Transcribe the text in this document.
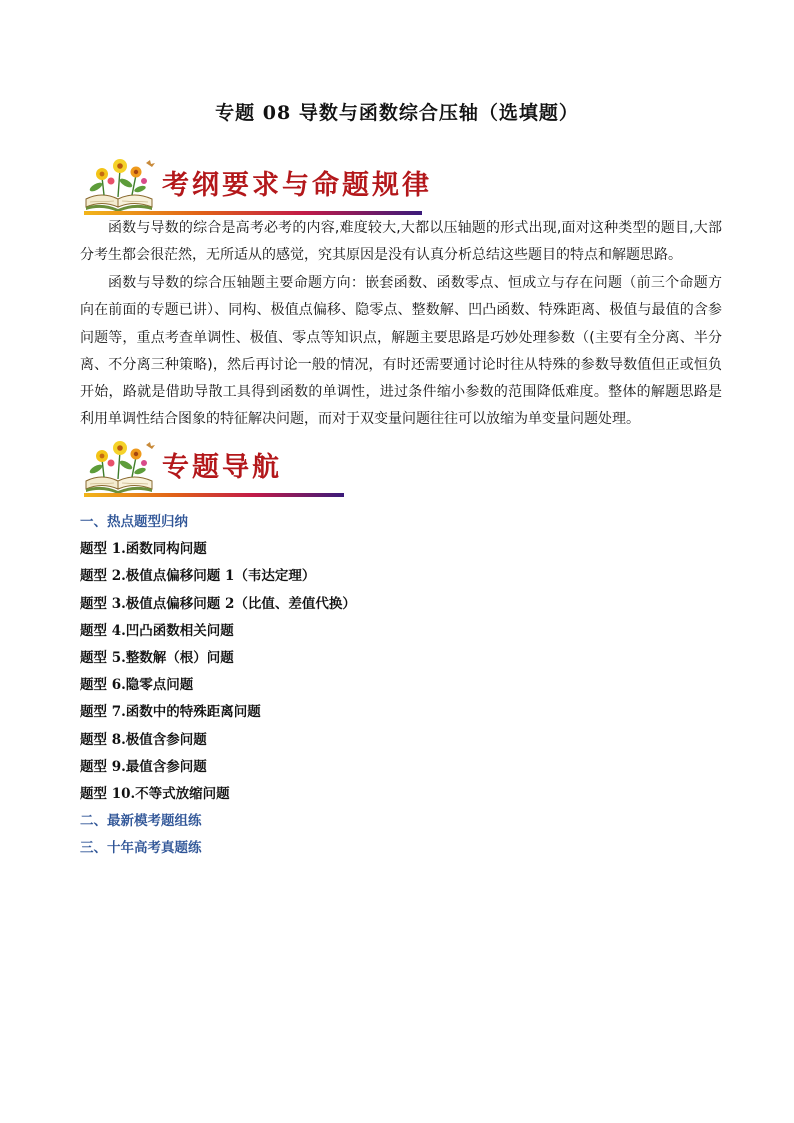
专题 08 导数与函数综合压轴（选填题）
考纲要求与命题规律

函数与导数的综合是高考必考的内容,难度较大,大都以压轴题的形式出现,面对这种类型的题目,大部分考生都会很茫然，无所适从的感觉，究其原因是没有认真分析总结这些题目的特点和解题思路。

函数与导数的综合压轴题主要命题方向：嵌套函数、函数零点、恒成立与存在问题（前三个命题方向在前面的专题已讲）、同构、极值点偏移、隐零点、整数解、凹凸函数、特殊距离、极值与最值的含参问题等，重点考查单调性、极值、零点等知识点，解题主要思路是巧妙处理参数（(主要有全分离、半分离、不分离三种策略)，然后再讨论一般的情况，有时还需要通讨论时往从特殊的参数导数值但正或恒负开始，路就是借助导散工具得到函数的单调性，进过条件缩小参数的范围降低难度。整体的解题思路是利用单调性结合图象的特征解决问题，而对于双变量问题往往可以放缩为单变量问题处理。

专题导航
一、热点题型归纳
题型 1.函数同构问题
题型 2.极值点偏移问题 1（韦达定理）
题型 3.极值点偏移问题 2（比值、差值代换）
题型 4.凹凸函数相关问题
题型 5.整数解（根）问题
题型 6.隐零点问题
题型 7.函数中的特殊距离问题
题型 8.极值含参问题
题型 9.最值含参问题
题型 10.不等式放缩问题
二、最新模考题组练
三、十年高考真题练
